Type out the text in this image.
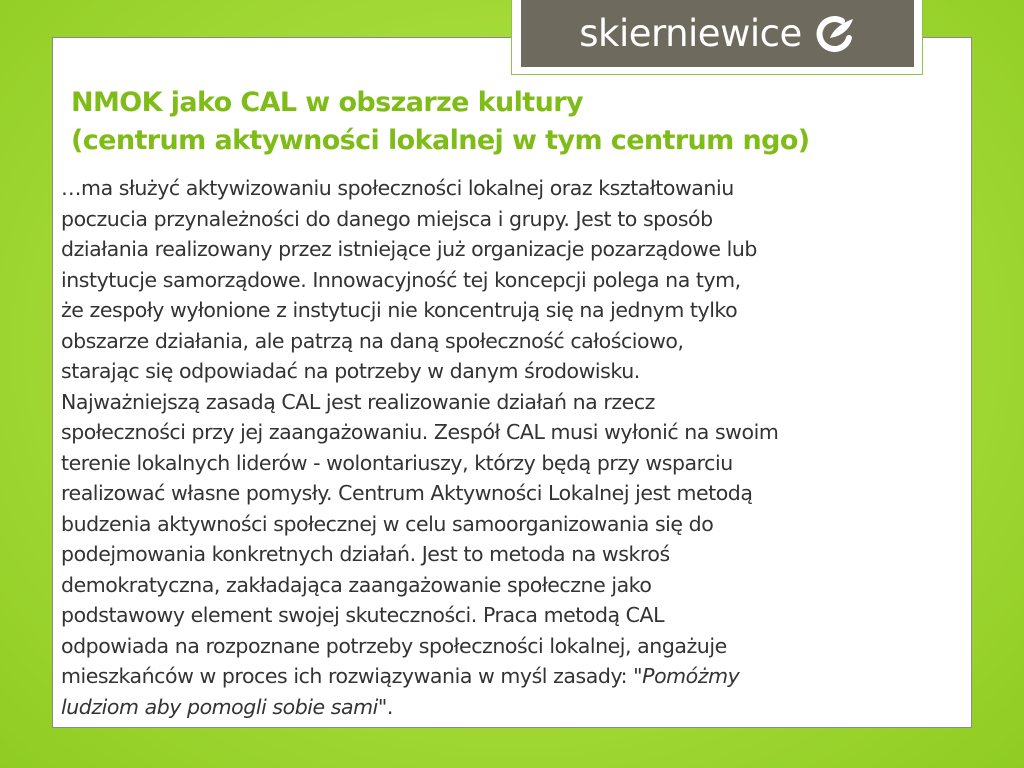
skierniewice
NMOK jako CAL w obszarze kultury
(centrum aktywności lokalnej w tym centrum ngo)
…ma służyć aktywizowaniu społeczności lokalnej oraz kształtowaniu
poczucia przynależności do danego miejsca i grupy. Jest to sposób
działania realizowany przez istniejące już organizacje pozarządowe lub
instytucje samorządowe. Innowacyjność tej koncepcji polega na tym,
że zespoły wyłonione z instytucji nie koncentrują się na jednym tylko
obszarze działania, ale patrzą na daną społeczność całościowo,
starając się odpowiadać na potrzeby w danym środowisku.
Najważniejszą zasadą CAL jest realizowanie działań na rzecz
społeczności przy jej zaangażowaniu. Zespół CAL musi wyłonić na swoim
terenie lokalnych liderów - wolontariuszy, którzy będą przy wsparciu
realizować własne pomysły. Centrum Aktywności Lokalnej jest metodą
budzenia aktywności społecznej w celu samoorganizowania się do
podejmowania konkretnych działań. Jest to metoda na wskroś
demokratyczna, zakładająca zaangażowanie społeczne jako
podstawowy element swojej skuteczności. Praca metodą CAL
odpowiada na rozpoznane potrzeby społeczności lokalnej, angażuje
mieszkańców w proces ich rozwiązywania w myśl zasady: "Pomóżmy
ludziom aby pomogli sobie sami".
